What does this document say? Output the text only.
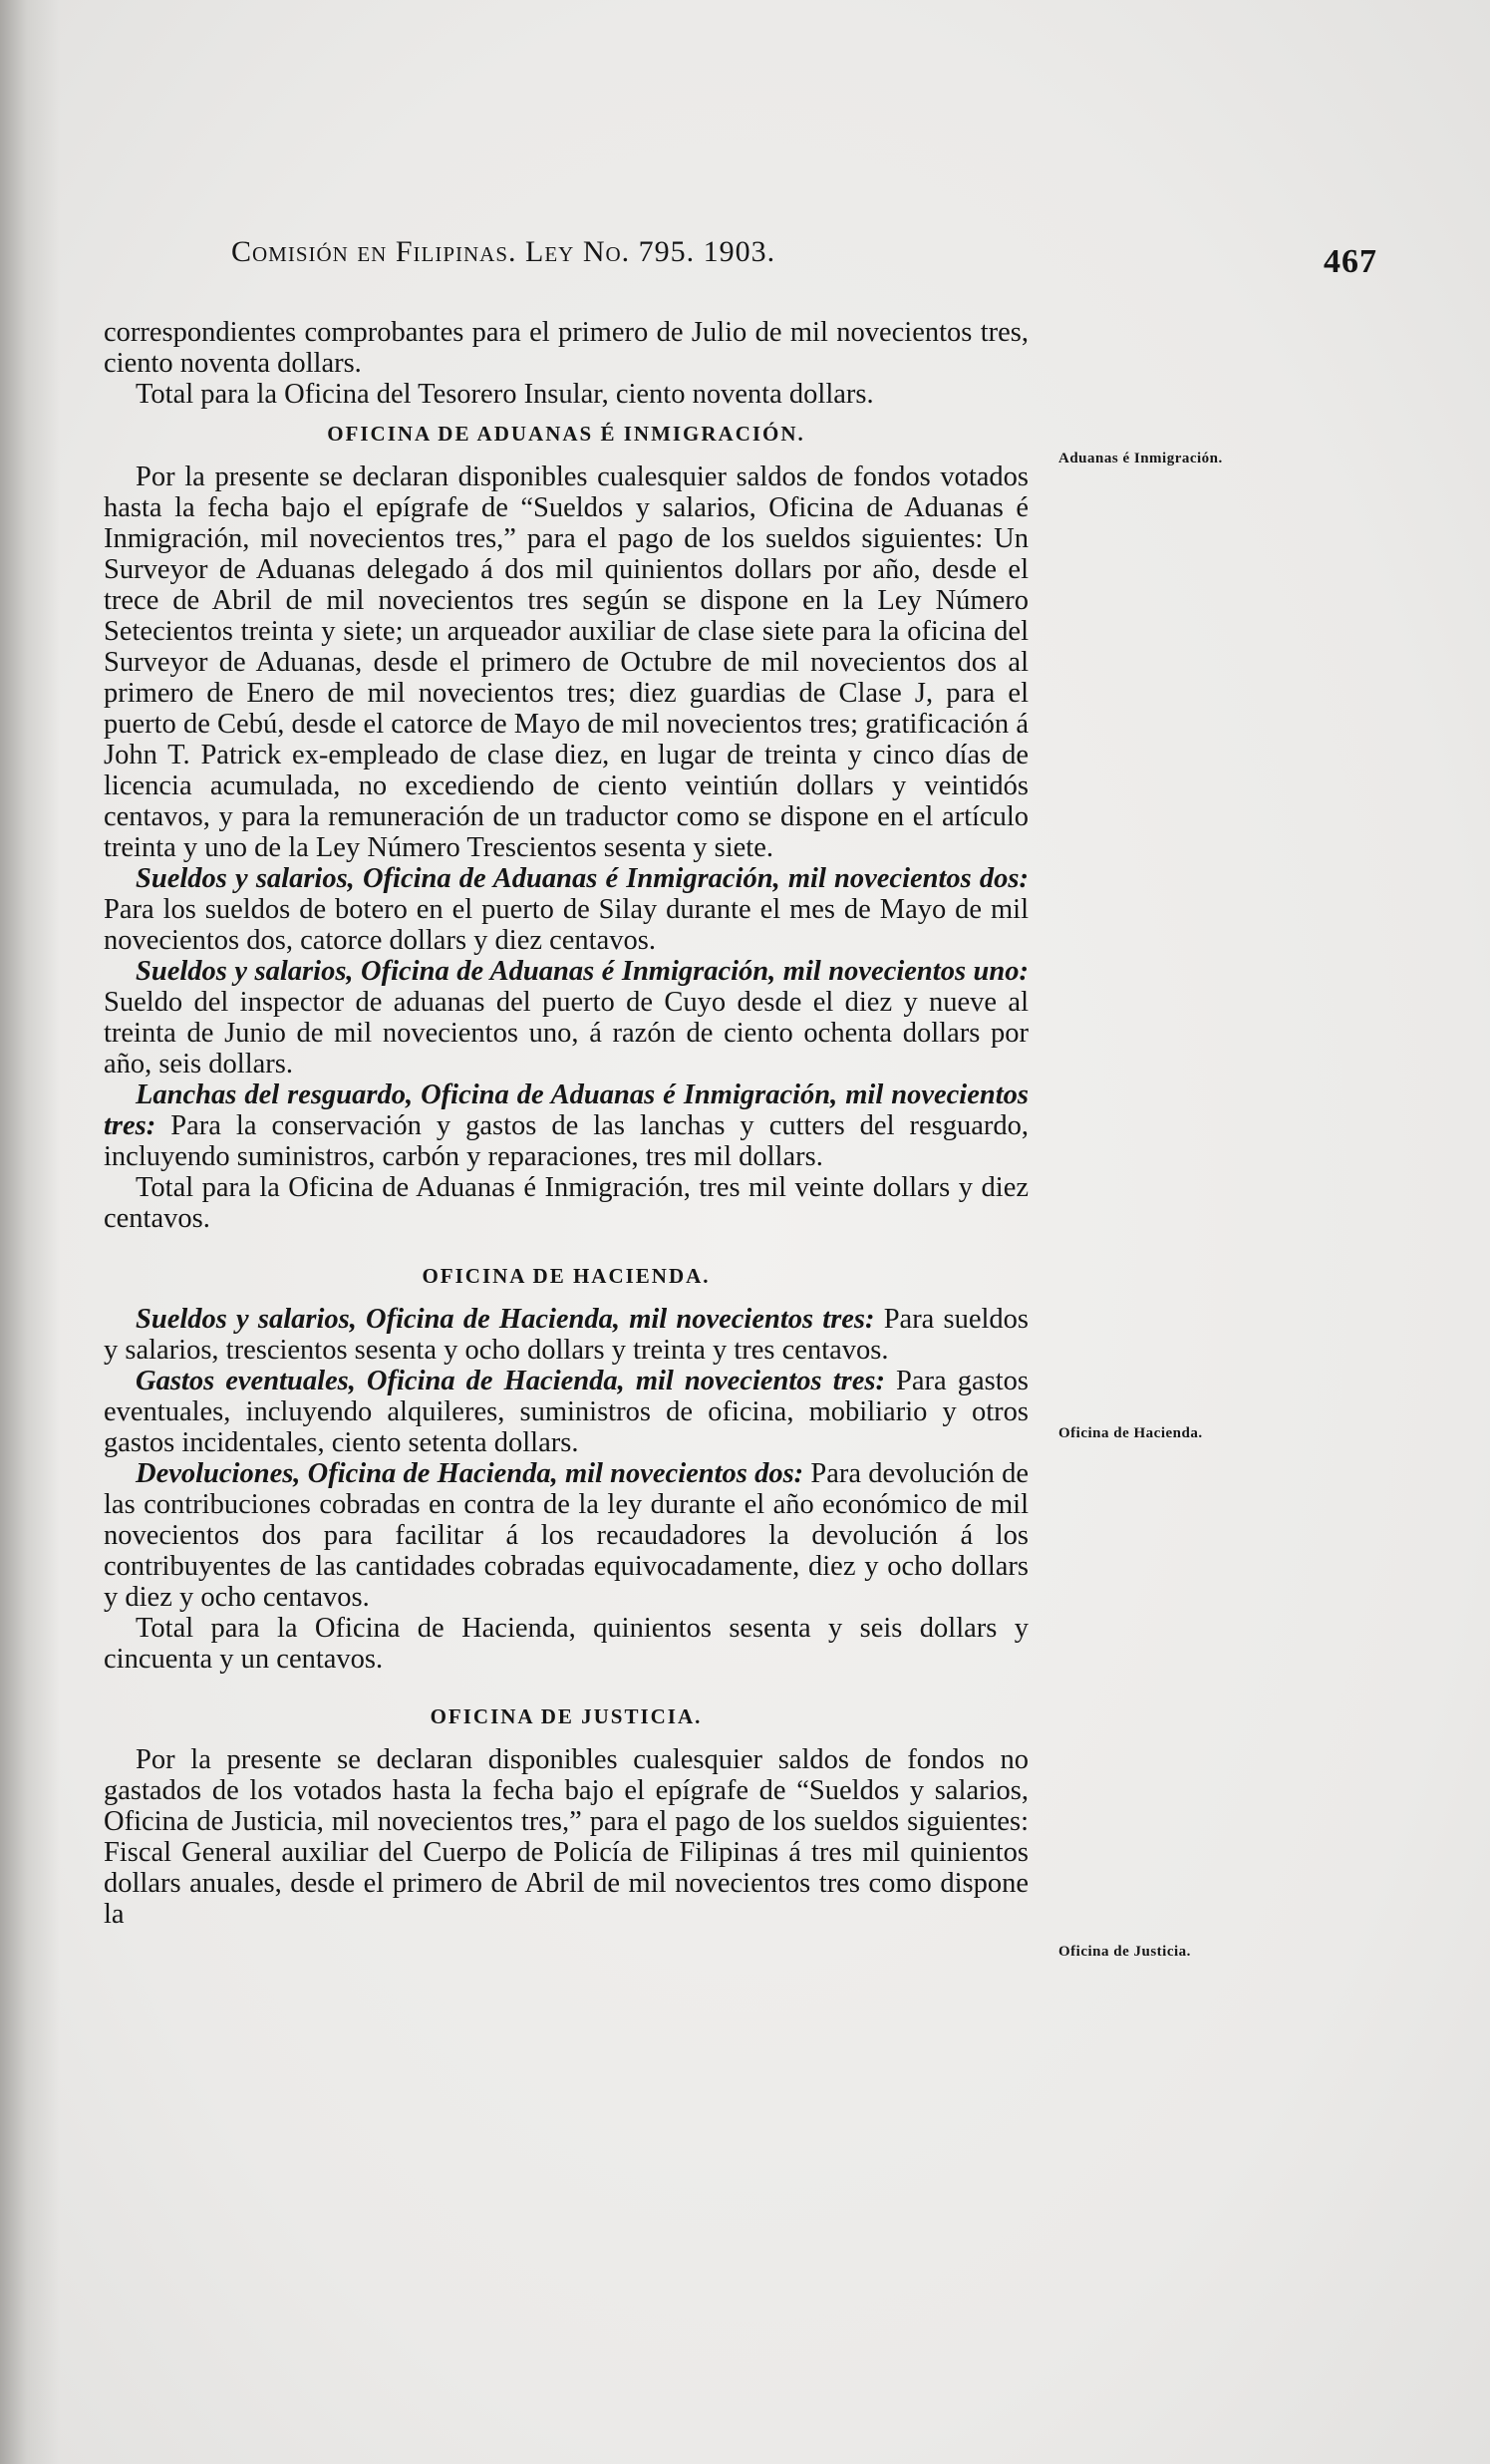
Comisión en Filipinas. Ley No. 795. 1903.	467
Aduanas é Inmigración.
Oficina de Hacienda.
Oficina de Justicia.

correspondientes comprobantes para el primero de Julio de mil novecientos tres, ciento noventa dollars.

Total para la Oficina del Tesorero Insular, ciento noventa dollars.

OFICINA DE ADUANAS É INMIGRACIÓN.

Por la presente se declaran disponibles cualesquier saldos de fondos votados hasta la fecha bajo el epígrafe de “Sueldos y salarios, Oficina de Aduanas é Inmigración, mil novecientos tres,” para el pago de los sueldos siguientes: Un Surveyor de Aduanas delegado á dos mil quinientos dollars por año, desde el trece de Abril de mil novecientos tres según se dispone en la Ley Número Setecientos treinta y siete; un arqueador auxiliar de clase siete para la oficina del Surveyor de Aduanas, desde el primero de Octubre de mil novecientos dos al primero de Enero de mil novecientos tres; diez guardias de Clase J, para el puerto de Cebú, desde el catorce de Mayo de mil novecientos tres; gratificación á John T. Patrick ex-empleado de clase diez, en lugar de treinta y cinco días de licencia acumulada, no excediendo de ciento veintiún dollars y veintidós centavos, y para la remuneración de un traductor como se dispone en el artículo treinta y uno de la Ley Número Trescientos sesenta y siete.

Sueldos y salarios, Oficina de Aduanas é Inmigración, mil novecientos dos: Para los sueldos de botero en el puerto de Silay durante el mes de Mayo de mil novecientos dos, catorce dollars y diez centavos.

Sueldos y salarios, Oficina de Aduanas é Inmigración, mil novecientos uno: Sueldo del inspector de aduanas del puerto de Cuyo desde el diez y nueve al treinta de Junio de mil novecientos uno, á razón de ciento ochenta dollars por año, seis dollars.

Lanchas del resguardo, Oficina de Aduanas é Inmigración, mil novecientos tres: Para la conservación y gastos de las lanchas y cutters del resguardo, incluyendo suministros, carbón y reparaciones, tres mil dollars.

Total para la Oficina de Aduanas é Inmigración, tres mil veinte dollars y diez centavos.

OFICINA DE HACIENDA.

Sueldos y salarios, Oficina de Hacienda, mil novecientos tres: Para sueldos y salarios, trescientos sesenta y ocho dollars y treinta y tres centavos.

Gastos eventuales, Oficina de Hacienda, mil novecientos tres: Para gastos eventuales, incluyendo alquileres, suministros de oficina, mobiliario y otros gastos incidentales, ciento setenta dollars.

Devoluciones, Oficina de Hacienda, mil novecientos dos: Para devolución de las contribuciones cobradas en contra de la ley durante el año económico de mil novecientos dos para facilitar á los recaudadores la devolución á los contribuyentes de las cantidades cobradas equivocadamente, diez y ocho dollars y diez y ocho centavos.

Total para la Oficina de Hacienda, quinientos sesenta y seis dollars y cincuenta y un centavos.

OFICINA DE JUSTICIA.

Por la presente se declaran disponibles cualesquier saldos de fondos no gastados de los votados hasta la fecha bajo el epígrafe de “Sueldos y salarios, Oficina de Justicia, mil novecientos tres,” para el pago de los sueldos siguientes: Fiscal General auxiliar del Cuerpo de Policía de Filipinas á tres mil quinientos dollars anuales, desde el primero de Abril de mil novecientos tres como dispone la
